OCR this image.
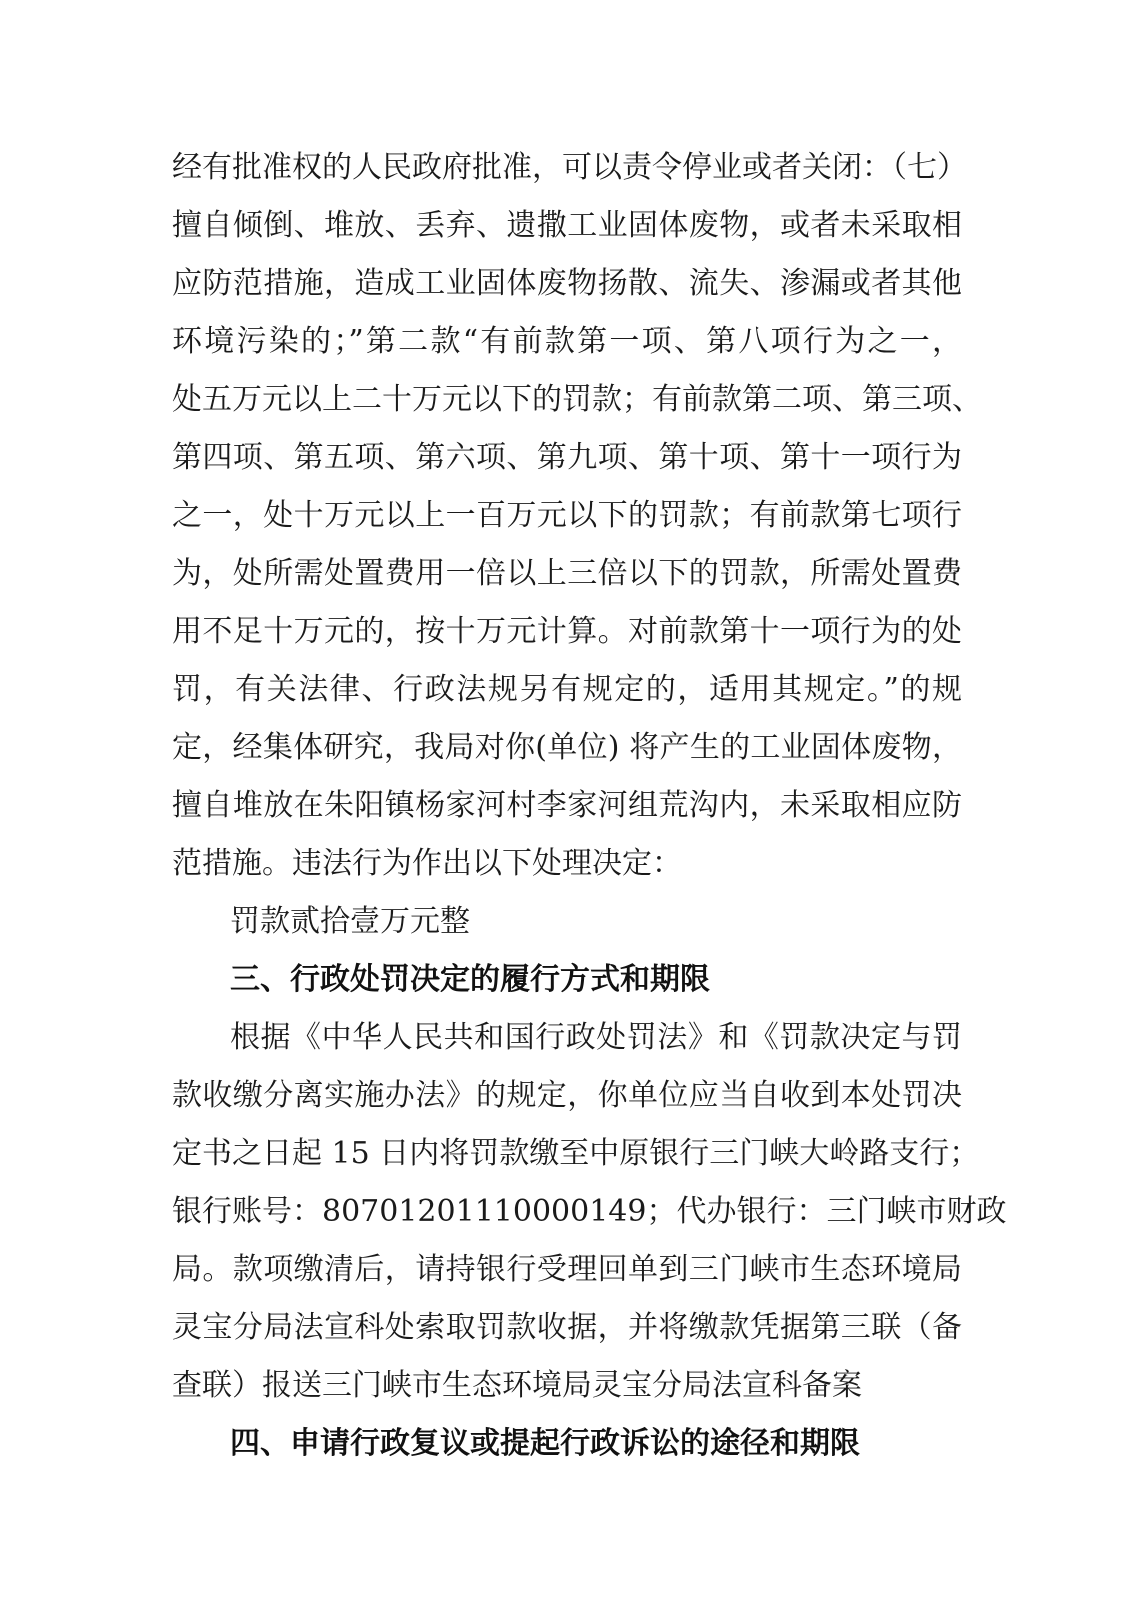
经有批准权的人民政府批准，可以责令停业或者关闭：（七）
擅自倾倒、堆放、丢弃、遗撒工业固体废物，或者未采取相
应防范措施，造成工业固体废物扬散、流失、渗漏或者其他
环境污染的；”第二款“有前款第一项、第八项行为之一，
处五万元以上二十万元以下的罚款；有前款第二项、第三项、
第四项、第五项、第六项、第九项、第十项、第十一项行为
之一，处十万元以上一百万元以下的罚款；有前款第七项行
为，处所需处置费用一倍以上三倍以下的罚款，所需处置费
用不足十万元的，按十万元计算。对前款第十一项行为的处
罚，有关法律、行政法规另有规定的，适用其规定。”的规
定，经集体研究，我局对你(单位) 将产生的工业固体废物，
擅自堆放在朱阳镇杨家河村李家河组荒沟内，未采取相应防
范措施。违法行为作出以下处理决定：
罚款贰拾壹万元整
三、行政处罚决定的履行方式和期限
根据《中华人民共和国行政处罚法》和《罚款决定与罚
款收缴分离实施办法》的规定，你单位应当自收到本处罚决
定书之日起 15 日内将罚款缴至中原银行三门峡大岭路支行；
银行账号：80701201110000149；代办银行：三门峡市财政
局。款项缴清后，请持银行受理回单到三门峡市生态环境局
灵宝分局法宣科处索取罚款收据，并将缴款凭据第三联（备
查联）报送三门峡市生态环境局灵宝分局法宣科备案
四、申请行政复议或提起行政诉讼的途径和期限
